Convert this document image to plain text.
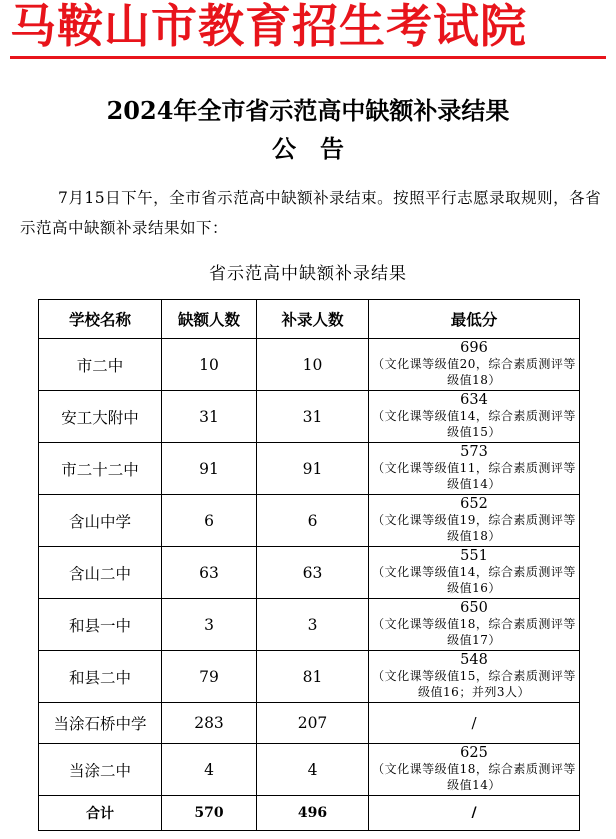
马鞍山市教育招生考试院
2024年全市省示范高中缺额补录结果
公告
7月15日下午，全市省示范高中缺额补录结束。按照平行志愿录取规则，各省示范高中缺额补录结果如下：
省示范高中缺额补录结果
学校名称	缺额人数	补录人数	最低分
市二中	10	10	696
（文化课等级值20，综合素质测评等级值18）

安工大附中	31	31	634
（文化课等级值14，综合素质测评等级值15）

市二十二中	91	91	573
（文化课等级值11，综合素质测评等级值14）

含山中学	6	6	652
（文化课等级值19，综合素质测评等级值18）

含山二中	63	63	551
（文化课等级值14，综合素质测评等级值16）

和县一中	3	3	650
（文化课等级值18，综合素质测评等级值17）

和县二中	79	81	548
（文化课等级值15，综合素质测评等级值16；并列3人）

当涂石桥中学	283	207	/
当涂二中	4	4	625
（文化课等级值18，综合素质测评等级值14）

合计	570	496	/
